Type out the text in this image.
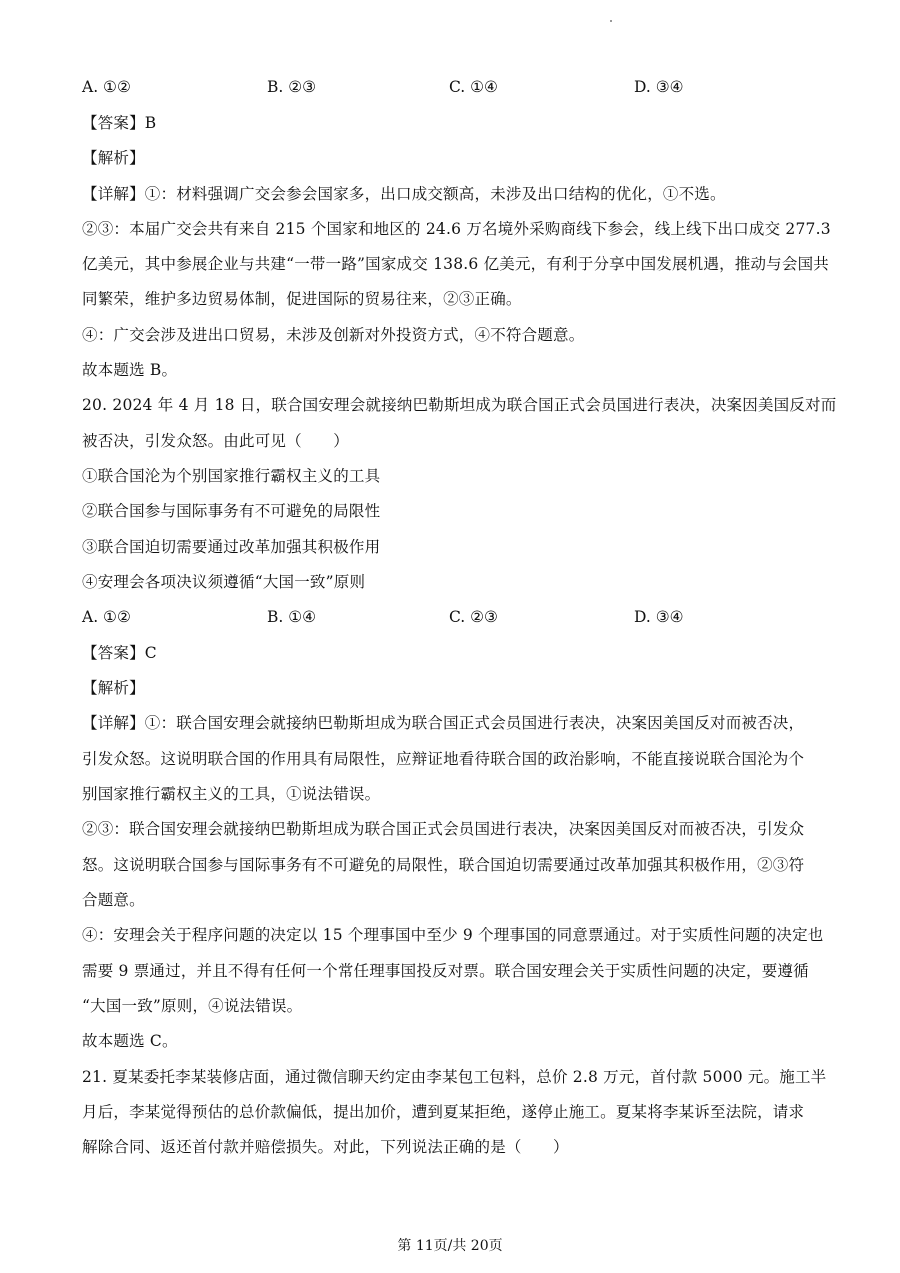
A. ①②	B. ②③	C. ①④	D. ③④
【答案】B
【解析】
【详解】①：材料强调广交会参会国家多，出口成交额高，未涉及出口结构的优化，①不选。
②③：本届广交会共有来自 215 个国家和地区的 24.6 万名境外采购商线下参会，线上线下出口成交 277.3
亿美元，其中参展企业与共建“一带一路”国家成交 138.6 亿美元，有利于分享中国发展机遇，推动与会国共
同繁荣，维护多边贸易体制，促进国际的贸易往来，②③正确。
④：广交会涉及进出口贸易，未涉及创新对外投资方式，④不符合题意。
故本题选 B。
20. 2024 年 4 月 18 日，联合国安理会就接纳巴勒斯坦成为联合国正式会员国进行表决，决案因美国反对而
被否决，引发众怒。由此可见（　　）
①联合国沦为个别国家推行霸权主义的工具
②联合国参与国际事务有不可避免的局限性
③联合国迫切需要通过改革加强其积极作用
④安理会各项决议须遵循“大国一致”原则
A. ①②	B. ①④	C. ②③	D. ③④
【答案】C
【解析】
【详解】①：联合国安理会就接纳巴勒斯坦成为联合国正式会员国进行表决，决案因美国反对而被否决，
引发众怒。这说明联合国的作用具有局限性，应辩证地看待联合国的政治影响，不能直接说联合国沦为个
别国家推行霸权主义的工具，①说法错误。
②③：联合国安理会就接纳巴勒斯坦成为联合国正式会员国进行表决，决案因美国反对而被否决，引发众
怒。这说明联合国参与国际事务有不可避免的局限性，联合国迫切需要通过改革加强其积极作用，②③符
合题意。
④：安理会关于程序问题的决定以 15 个理事国中至少 9 个理事国的同意票通过。对于实质性问题的决定也
需要 9 票通过，并且不得有任何一个常任理事国投反对票。联合国安理会关于实质性问题的决定，要遵循
“大国一致”原则，④说法错误。
故本题选 C。
21. 夏某委托李某装修店面，通过微信聊天约定由李某包工包料，总价 2.8 万元，首付款 5000 元。施工半
月后，李某觉得预估的总价款偏低，提出加价，遭到夏某拒绝，遂停止施工。夏某将李某诉至法院，请求
解除合同、返还首付款并赔偿损失。对此，下列说法正确的是（　　）
第 11页/共 20页
